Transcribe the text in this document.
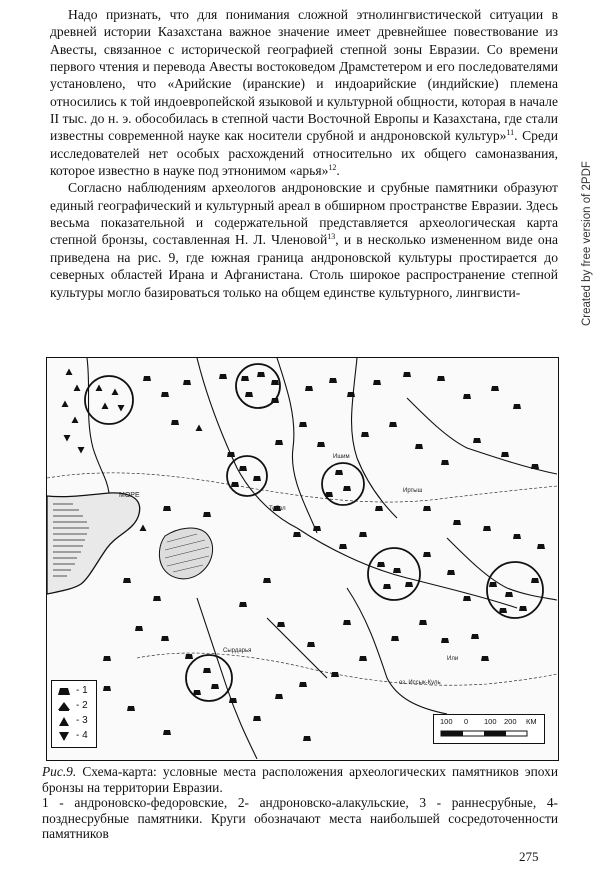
Надо признать, что для понимания сложной этнолингвистической ситуации в древней истории Казахстана важное значение имеет древнейшее повествование из Авесты, связанное с исторической географией степной зоны Евразии. Со времени первого чтения и перевода Авесты востоковедом Драмстетером и его последователями установлено, что «Арийские (иранские) и индоарийские (индийские) племена относились к той индоевропейской языковой и культурной общности, которая в начале II тыс. до н. э. обособилась в степной части Восточной Европы и Казахстана, где стали известны современной науке как носители срубной и андроновской культур»$^{11}$. Среди исследователей нет особых расхождений относительно их общего самоназвания, которое известно в науке под этнонимом «арья»$^{12}$.

Согласно наблюдениям археологов андроновские и срубные памятники образуют единый географический и культурный ареал в обширном пространстве Евразии. Здесь весьма показательной и содержательной представляется археологическая карта степной бронзы, составленная Н. Л. Членовой$^{13}$, и в несколько измененном виде она приведена на рис. 9, где южная граница андроновской культуры простирается до северных областей Ирана и Афганистана. Столь широкое распространение степной культуры могло базироваться только на общем единстве культурного, лингвисти-	Created by free version of 2PDF
МОРЕ
Тобол
Ишим
Иртыш
Сырдарья
оз. Иссык-Куль
Или
- 1
- 2
- 3
- 4
100 0 100 200 КМ
Рис.9. Схема-карта: условные места расположения археологических памятников эпохи бронзы на территории Евразии.
1 - андроновско-федоровские, 2- андроновско-алакульские, 3 - раннесрубные, 4-позднесрубные памятники. Круги обозначают места наибольшей сосредоточенности памятников
275
